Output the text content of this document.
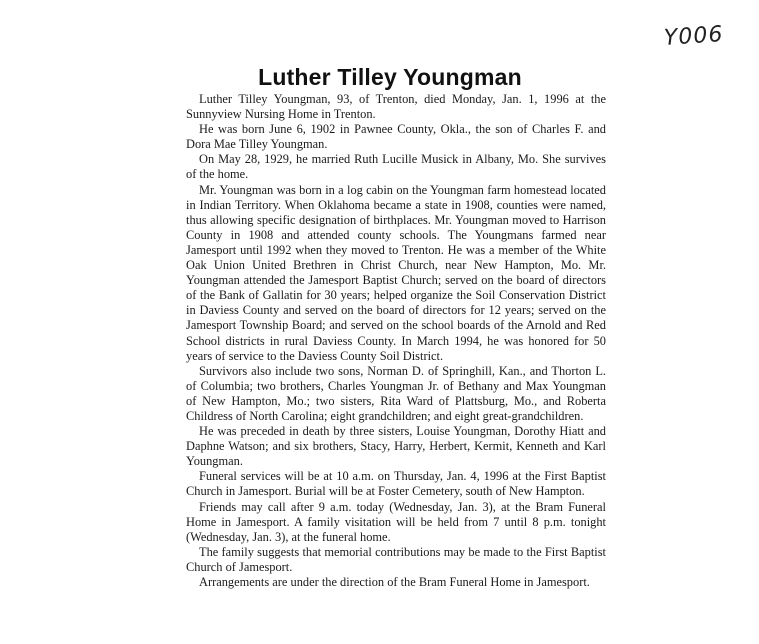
Y006
Luther Tilley Youngman

Luther Tilley Youngman, 93, of Trenton, died Monday, Jan. 1, 1996 at the Sunnyview Nursing Home in Trenton.

He was born June 6, 1902 in Pawnee County, Okla., the son of Charles F. and Dora Mae Tilley Youngman.

On May 28, 1929, he married Ruth Lucille Musick in Albany, Mo. She survives of the home.

Mr. Youngman was born in a log cabin on the Youngman farm homestead located in Indian Territory. When Oklahoma became a state in 1908, counties were named, thus allowing specific designation of birthplaces. Mr. Youngman moved to Harrison County in 1908 and attended county schools. The Youngmans farmed near Jamesport until 1992 when they moved to Trenton. He was a member of the White Oak Union United Brethren in Christ Church, near New Hampton, Mo. Mr. Youngman attended the Jamesport Baptist Church; served on the board of directors of the Bank of Gallatin for 30 years; helped organize the Soil Conservation District in Daviess County and served on the board of directors for 12 years; served on the Jamesport Township Board; and served on the school boards of the Arnold and Red School districts in rural Daviess County. In March 1994, he was honored for 50 years of service to the Daviess County Soil District.

Survivors also include two sons, Norman D. of Springhill, Kan., and Thorton L. of Columbia; two brothers, Charles Youngman Jr. of Bethany and Max Youngman of New Hampton, Mo.; two sisters, Rita Ward of Plattsburg, Mo., and Roberta Childress of North Carolina; eight grandchildren; and eight great-grandchildren.

He was preceded in death by three sisters, Louise Youngman, Dorothy Hiatt and Daphne Watson; and six brothers, Stacy, Harry, Herbert, Kermit, Kenneth and Karl Youngman.

Funeral services will be at 10 a.m. on Thursday, Jan. 4, 1996 at the First Baptist Church in Jamesport. Burial will be at Foster Cemetery, south of New Hampton.

Friends may call after 9 a.m. today (Wednesday, Jan. 3), at the Bram Funeral Home in Jamesport. A family visitation will be held from 7 until 8 p.m. tonight (Wednesday, Jan. 3), at the funeral home.

The family suggests that memorial contributions may be made to the First Baptist Church of Jamesport.

Arrangements are under the direction of the Bram Funeral Home in Jamesport.
